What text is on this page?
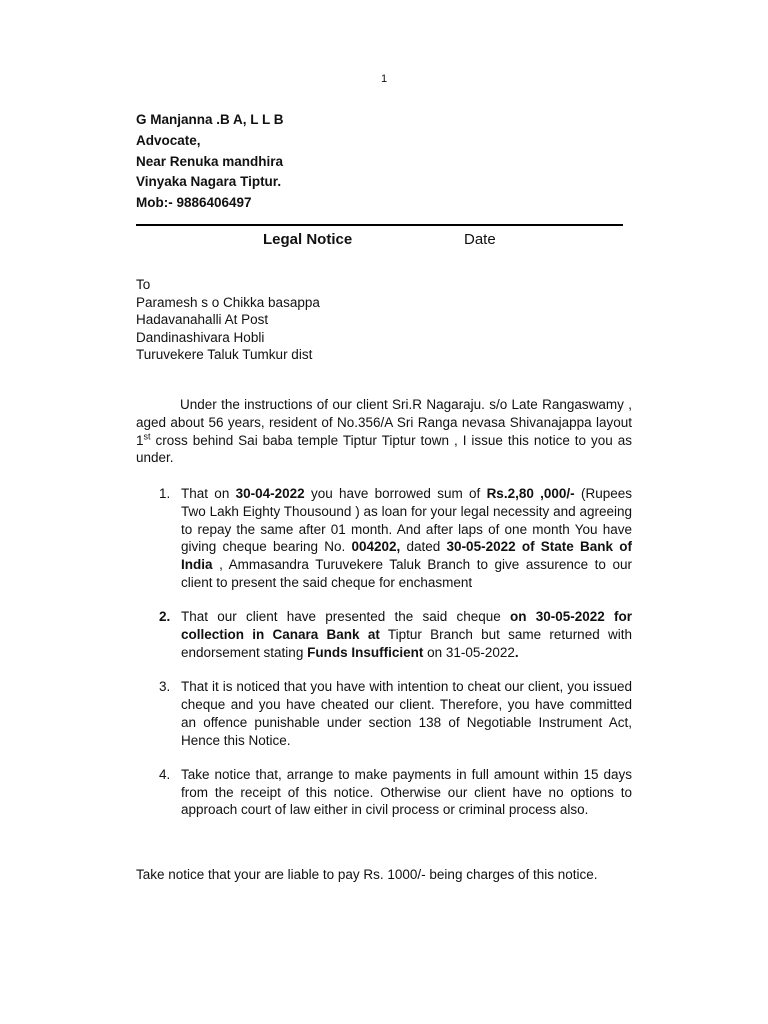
1
G Manjanna .B A, L L B
Advocate,
Near Renuka mandhira
Vinyaka Nagara Tiptur.
Mob:- 9886406497
Legal Notice	Date
To
Paramesh s o Chikka basappa
Hadavanahalli At Post
Dandinashivara Hobli
Turuvekere Taluk Tumkur dist
Under the instructions of our client Sri.R Nagaraju. s/o Late Rangaswamy , aged about 56 years, resident of No.356/A Sri Ranga nevasa Shivanajappa layout 1st cross behind Sai baba temple Tiptur Tiptur town , I issue this notice to you as under.
1. That on 30-04-2022 you have borrowed sum of Rs.2,80 ,000/- (Rupees Two Lakh Eighty Thousound ) as loan for your legal necessity and agreeing to repay the same after 01 month. And after laps of one month You have giving cheque bearing No. 004202, dated 30-05-2022 of State Bank of India , Ammasandra Turuvekere Taluk Branch to give assurence to our client to present the said cheque for enchasment
2. That our client have presented the said cheque on 30-05-2022 for collection in Canara Bank at Tiptur Branch but same returned with endorsement stating Funds Insufficient on 31-05-2022.
3. That it is noticed that you have with intention to cheat our client, you issued cheque and you have cheated our client. Therefore, you have committed an offence punishable under section 138 of Negotiable Instrument Act, Hence this Notice.
4. Take notice that, arrange to make payments in full amount within 15 days from the receipt of this notice. Otherwise our client have no options to approach court of law either in civil process or criminal process also.
Take notice that your are liable to pay Rs. 1000/- being charges of this notice.
